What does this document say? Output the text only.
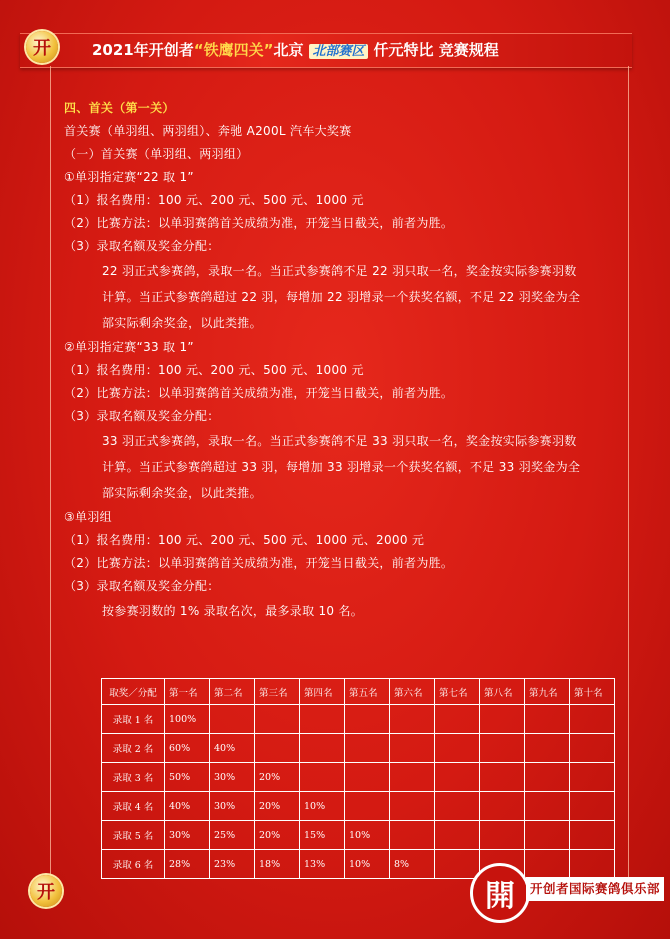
开	2021年开创者“铁鹰四关”北京 北部赛区 仟元特比 竞赛规程
四、首关（第一关）
首关赛（单羽组、两羽组）、奔驰 A200L 汽车大奖赛
（一）首关赛（单羽组、两羽组）
①单羽指定赛“22 取 1”
（1）报名费用：100 元、200 元、500 元、1000 元
（2）比赛方法：以单羽赛鸽首关成绩为准，开笼当日截关，前者为胜。
（3）录取名额及奖金分配：
22 羽正式参赛鸽，录取一名。当正式参赛鸽不足 22 羽只取一名，奖金按实际参赛羽数
计算。当正式参赛鸽超过 22 羽，每增加 22 羽增录一个获奖名额，不足 22 羽奖金为全
部实际剩余奖金，以此类推。
②单羽指定赛“33 取 1”
（1）报名费用：100 元、200 元、500 元、1000 元
（2）比赛方法：以单羽赛鸽首关成绩为准，开笼当日截关，前者为胜。
（3）录取名额及奖金分配：
33 羽正式参赛鸽，录取一名。当正式参赛鸽不足 33 羽只取一名，奖金按实际参赛羽数
计算。当正式参赛鸽超过 33 羽，每增加 33 羽增录一个获奖名额，不足 33 羽奖金为全
部实际剩余奖金，以此类推。
③单羽组
（1）报名费用：100 元、200 元、500 元、1000 元、2000 元
（2）比赛方法：以单羽赛鸽首关成绩为准，开笼当日截关，前者为胜。
（3）录取名额及奖金分配：
按参赛羽数的 1% 录取名次，最多录取 10 名。
取奖／分配	第一名	第二名	第三名	第四名	第五名	第六名	第七名	第八名	第九名	第十名
录取 1 名	100%									
录取 2 名	60%	40%								
录取 3 名	50%	30%	20%							
录取 4 名	40%	30%	20%	10%						
录取 5 名	30%	25%	20%	15%	10%					
录取 6 名	28%	23%	18%	13%	10%	8%				
開	开创者国际赛鸽俱乐部
开
